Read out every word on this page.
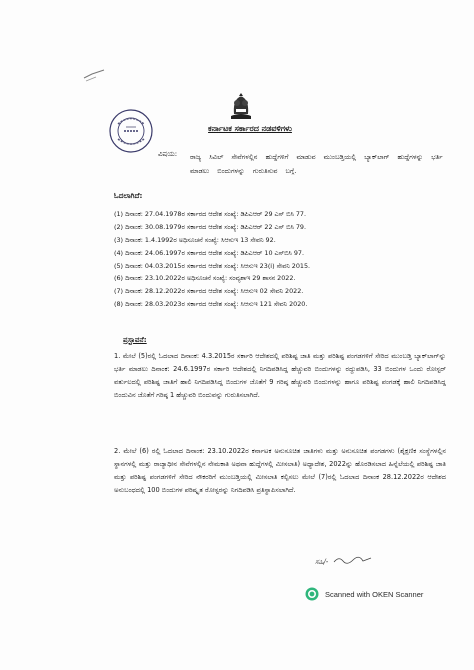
ಕರ್ನಾಟಕ ಸರ್ಕಾರದ ನಡವಳಿಗಳು
ವಿಷಯ: ರಾಜ್ಯ ಸಿವಿಲ್ ಸೇವೆಗಳಲ್ಲಿನ ಹುದ್ದೆಗಳಿಗೆ ಮಾಡುವ ಮುಂಬಡ್ತಿಯಲ್ಲಿ ಬ್ಯಾಕ್‌ಲಾಗ್ ಹುದ್ದೆಗಳನ್ನು ಭರ್ತಿ ಮಾಡಲು ಬಿಂದುಗಳನ್ನು ಗುರುತಿಸುವ ಬಗ್ಗೆ.
ಓದಲಾಗಿದೆ:
(1) ದಿನಾಂಕ: 27.04.1978ರ ಸರ್ಕಾರದ ಆದೇಶ ಸಂಖ್ಯೆ: ಡಿಪಿಎಆರ್ 29 ಎಸ್ ಬಿಸಿ 77.
(2) ದಿನಾಂಕ: 30.08.1979ರ ಸರ್ಕಾರದ ಆದೇಶ ಸಂಖ್ಯೆ: ಡಿಪಿಎಆರ್ 22 ಎಸ್ ಬಿಸಿ 79.
(3) ದಿನಾಂಕ: 1.4.1992ರ ಅಧಿಸೂಚನೆ ಸಂಖ್ಯೆ: ಸಿಆಸುಇ 13 ಸೇವನಿ 92.
(4) ದಿನಾಂಕ: 24.06.1997ರ ಸರ್ಕಾರದ ಆದೇಶ ಸಂಖ್ಯೆ: ಡಿಪಿಎಆರ್ 10 ಎಸ್‌ಬಿಸಿ 97.
(5) ದಿನಾಂಕ: 04.03.2015ರ ಸರ್ಕಾರದ ಆದೇಶ ಸಂಖ್ಯೆ: ಸಿಆಸುಇ 23(i) ಸೇವನಿ 2015.
(6) ದಿನಾಂಕ: 23.10.2022ರ ಅಧಿಸೂಚನೆ ಸಂಖ್ಯೆ: ಸಂವ್ಯಶಾಇ 29 ಶಾಸನ 2022.
(7) ದಿನಾಂಕ: 28.12.2022ರ ಸರ್ಕಾರದ ಆದೇಶ ಸಂಖ್ಯೆ: ಸಿಆಸುಇ 02 ಸೇವನಿ 2022.
(8) ದಿನಾಂಕ: 28.03.2023ರ ಸರ್ಕಾರದ ಆದೇಶ ಸಂಖ್ಯೆ: ಸಿಆಸುಇ 121 ಸೇವನಿ 2020.
ಪ್ರಸ್ತಾವನೆ:

1. ಮೇಲೆ (5)ರಲ್ಲಿ ಓದಲಾದ ದಿನಾಂಕ: 4.3.2015ರ ಸರ್ಕಾರಿ ಆದೇಶದಲ್ಲಿ ಪರಿಶಿಷ್ಟ ಜಾತಿ ಮತ್ತು ಪರಿಶಿಷ್ಟ ಪಂಗಡಗಳಿಗೆ ಸೇರಿದ ಮುಂಬಡ್ತಿ ಬ್ಯಾಕ್‌ಲಾಗ್‌ನ್ನು ಭರ್ತಿ ಮಾಡಲು ದಿನಾಂಕ: 24.6.1997ರ ಸರ್ಕಾರಿ ಆದೇಶದಲ್ಲಿ ನಿಗದಿಪಡಿಸಿದ್ದ ಹೆಚ್ಚುವರಿ ಬಿಂದುಗಳನ್ನು ರದ್ದುಪಡಿಸಿ, 33 ಬಿಂದುಗಳ ಒಂದು ರೋಸ್ಟರ್ ವರ್ತುಲದಲ್ಲಿ ಪರಿಶಿಷ್ಟ ಜಾತಿಗೆ ಹಾಲಿ ನಿಗದಿಪಡಿಸಿದ್ದ ಬಿಂದುಗಳ ಜೊತೆಗೆ 9 ಗರಿಷ್ಠ ಹೆಚ್ಚುವರಿ ಬಿಂದುಗಳನ್ನು ಹಾಗೂ ಪರಿಶಿಷ್ಟ ಪಂಗಡಕ್ಕೆ ಹಾಲಿ ನಿಗದಿಪಡಿಸಿದ್ದ ಬಿಂದುವಿನ ಜೊತೆಗೆ ಗರಿಷ್ಠ 1 ಹೆಚ್ಚುವರಿ ಬಿಂದುವನ್ನು ಗುರುತಿಸಲಾಗಿದೆ.

2. ಮೇಲೆ (6) ರಲ್ಲಿ ಓದಲಾದ ದಿನಾಂಕ: 23.10.2022ರ ಕರ್ನಾಟಕ ಅನುಸೂಚಿತ ಜಾತಿಗಳು ಮತ್ತು ಅನುಸೂಚಿತ ಪಂಗಡಗಳು (ಶೈಕ್ಷಣಿಕ ಸಂಸ್ಥೆಗಳಲ್ಲಿನ ಸ್ಥಾನಗಳಲ್ಲಿ ಮತ್ತು ರಾಜ್ಯಾಧೀನ ಸೇವೆಗಳಲ್ಲಿನ ನೇಮಕಾತಿ ಅಥವಾ ಹುದ್ದೆಗಳಲ್ಲಿ ಮೀಸಲಾತಿ) ಅಧ್ಯಾದೇಶ, 2022ನ್ನು ಹೊರಡಿಸಲಾದ ಹಿನ್ನೆಲೆಯಲ್ಲಿ ಪರಿಶಿಷ್ಟ ಜಾತಿ ಮತ್ತು ಪರಿಶಿಷ್ಟ ಪಂಗಡಗಳಿಗೆ ಸೇರಿದ ನೌಕರರಿಗೆ ಮುಂಬಡ್ತಿಯಲ್ಲಿ ಮೀಸಲಾತಿ ಕಲ್ಪಿಸಲು ಮೇಲೆ (7)ರಲ್ಲಿ ಓದಲಾದ ದಿನಾಂಕ 28.12.2022ರ ಆದೇಶದ ಅನುಬಂಧದಲ್ಲಿ 100 ಬಿಂದುಗಳ ಪರಿಷ್ಕೃತ ರೋಸ್ಟರನ್ನು ನಿಗದಿಪಡಿಸಿ ಪ್ರತಿಸ್ಥಾಪಿಸಲಾಗಿದೆ.

ಸಹಿ/-
Scanned with OKEN Scanner
